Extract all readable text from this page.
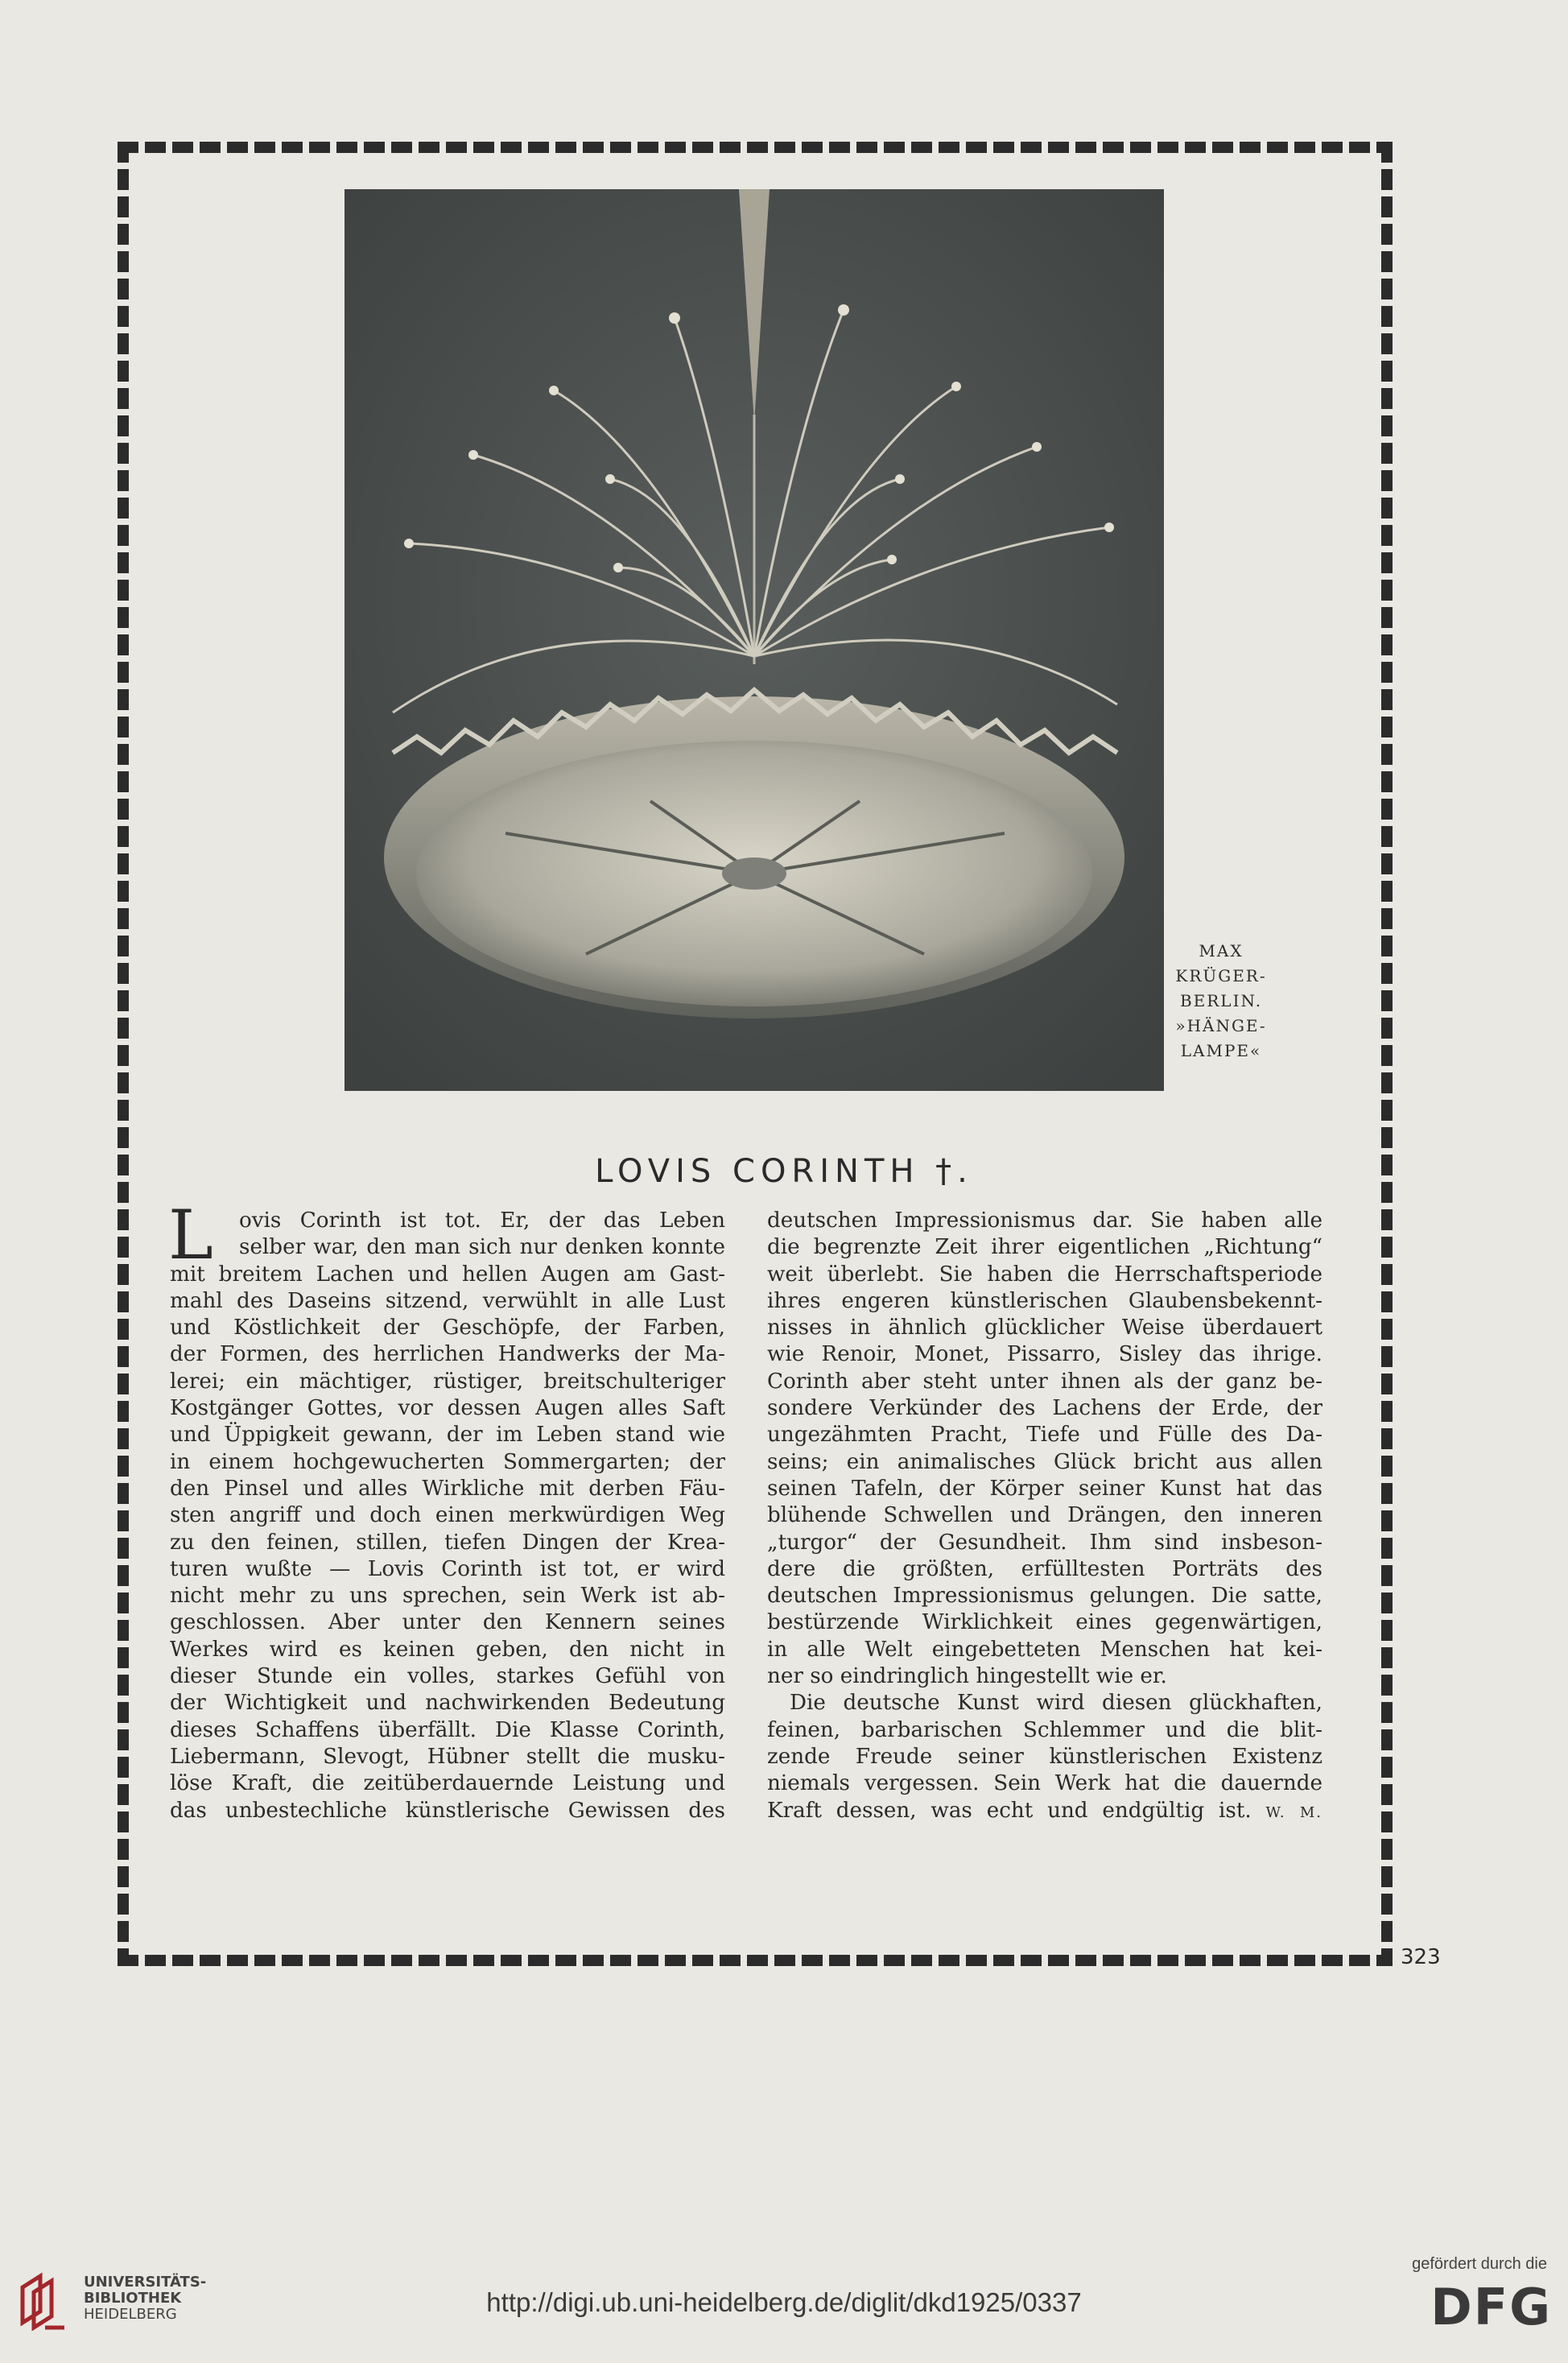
MAX
KRÜGER-
BERLIN.
»HÄNGE-
LAMPE«
LOVIS CORINTH †.
L	ovis Corinth ist tot. Er, der das Leben
selber war, den man sich nur denken konnte
mit breitem Lachen und hellen Augen am Gast-
mahl des Daseins sitzend, verwühlt in alle Lust
und Köstlichkeit der Geschöpfe, der Farben,
der Formen, des herrlichen Handwerks der Ma-
lerei; ein mächtiger, rüstiger, breitschulteriger
Kostgänger Gottes, vor dessen Augen alles Saft
und Üppigkeit gewann, der im Leben stand wie
in einem hochgewucherten Sommergarten; der
den Pinsel und alles Wirkliche mit derben Fäu-
sten angriff und doch einen merkwürdigen Weg
zu den feinen, stillen, tiefen Dingen der Krea-
turen wußte — Lovis Corinth ist tot, er wird
nicht mehr zu uns sprechen, sein Werk ist ab-
geschlossen. Aber unter den Kennern seines
Werkes wird es keinen geben, den nicht in
dieser Stunde ein volles, starkes Gefühl von
der Wichtigkeit und nachwirkenden Bedeutung
dieses Schaffens überfällt. Die Klasse Corinth,
Liebermann, Slevogt, Hübner stellt die musku-
löse Kraft, die zeitüberdauernde Leistung und
das unbestechliche künstlerische Gewissen des
deutschen Impressionismus dar. Sie haben alle
die begrenzte Zeit ihrer eigentlichen „Richtung“
weit überlebt. Sie haben die Herrschaftsperiode
ihres engeren künstlerischen Glaubensbekennt-
nisses in ähnlich glücklicher Weise überdauert
wie Renoir, Monet, Pissarro, Sisley das ihrige.
Corinth aber steht unter ihnen als der ganz be-
sondere Verkünder des Lachens der Erde, der
ungezähmten Pracht, Tiefe und Fülle des Da-
seins; ein animalisches Glück bricht aus allen
seinen Tafeln, der Körper seiner Kunst hat das
blühende Schwellen und Drängen, den inneren
„turgor“ der Gesundheit. Ihm sind insbeson-
dere die größten, erfülltesten Porträts des
deutschen Impressionismus gelungen. Die satte,
bestürzende Wirklichkeit eines gegenwärtigen,
in alle Welt eingebetteten Menschen hat kei-
ner so eindringlich hingestellt wie er.
Die deutsche Kunst wird diesen glückhaften,
feinen, barbarischen Schlemmer und die blit-
zende Freude seiner künstlerischen Existenz
niemals vergessen. Sein Werk hat die dauernde
Kraft dessen, was echt und endgültig ist. W. M.
323
UNIVERSITÄTS-
BIBLIOTHEK
HEIDELBERG	http://digi.ub.uni-heidelberg.de/diglit/dkd1925/0337
gefördert durch die
DFG
